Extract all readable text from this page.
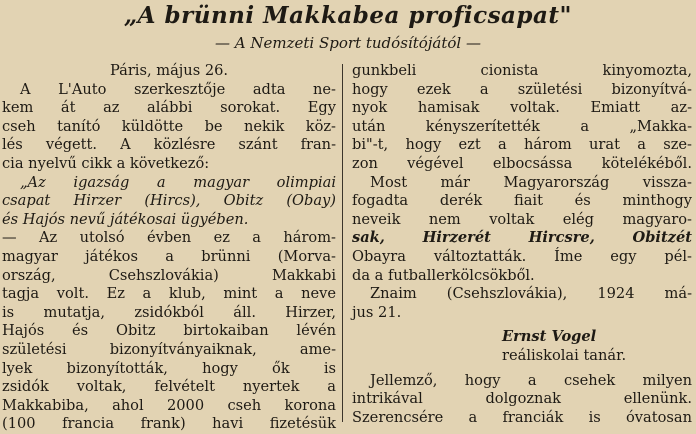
„A brünni Makkabea proficsapat"
— A Nemzeti Sport tudósítójától —
Páris, május 26.
A L'Auto szerkesztője adta ne-
kem át az alábbi sorokat. Egy
cseh tanító küldötte be nekik köz-
lés végett. A közlésre szánt fran-
cia nyelvű cikk a következő:
„Az igazság a magyar olimpiai
csapat Hirzer (Hircs), Obitz (Obay)
és Hajós nevű játékosai ügyében.
— Az utolsó évben ez a három-
magyar játékos a brünni (Morva-
ország, Csehszlovákia) Makkabi
tagja volt. Ez a klub, mint a neve
is mutatja, zsidókból áll. Hirzer,
Hajós és Obitz birtokaiban lévén
születési bizonyítványaiknak, ame-
lyek bizonyították, hogy ők is
zsidók voltak, felvételt nyertek a
Makkabiba, ahol 2000 cseh korona
(100 francia frank) havi fizetésük
gunkbeli cionista kinyomozta,
hogy ezek a születési bizonyítvá-
nyok hamisak voltak. Emiatt az-
után kényszerítették a „Makka-
bi"-t, hogy ezt a három urat a sze-
zon végével elbocsássa kötelékéből.
Most már Magyarország vissza-
fogadta derék fiait és minthogy
neveik nem voltak elég magyaro-
sak, Hirzerét Hircsre, Obitzét
Obayra változtatták. Íme egy pél-
da a futballerkölcsökből.
Znaim (Csehszlovákia), 1924 má-
jus 21.
Ernst Vogel
reáliskolai tanár.
Jellemző, hogy a csehek milyen
intrikával dolgoznak ellenünk.
Szerencsére a franciák is óvatosan
